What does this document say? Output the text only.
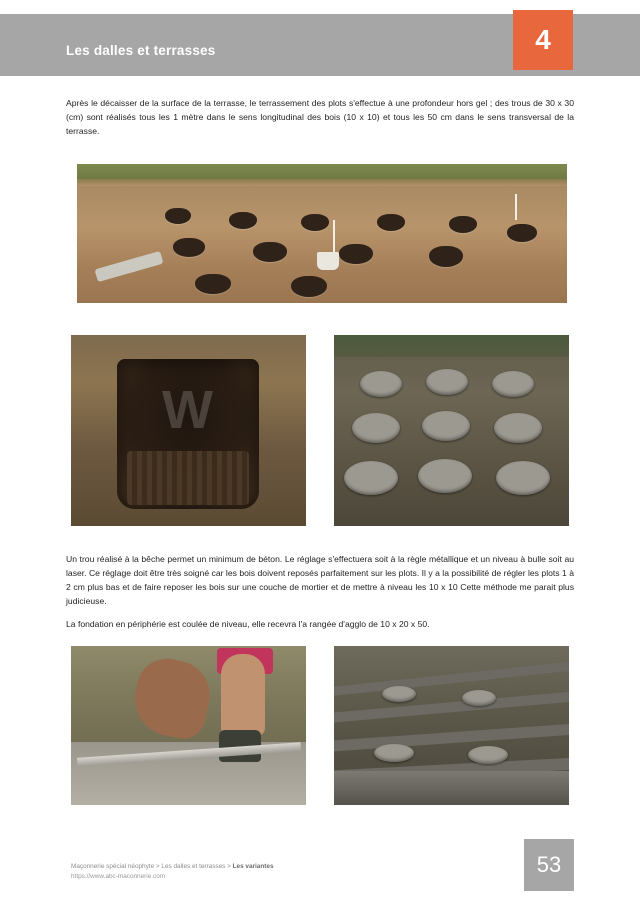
Les dalles et terrasses	4
Après le décaisser de la surface de la terrasse, le terrassement des plots s'effectue à une profondeur hors gel ; des trous de 30 x 30 (cm) sont réalisés tous les 1 mètre dans le sens longitudinal des bois (10 x 10) et tous les 50 cm dans le sens transversal de la terrasse.
W
Un trou réalisé à la bêche permet un minimum de béton. Le réglage s'effectuera soit à la règle métallique et un niveau à bulle soit au laser. Ce réglage doit être très soigné car les bois doivent reposés parfaitement sur les plots. Il y a la possibilité de régler les plots 1 à 2 cm plus bas et de faire reposer les bois sur une couche de mortier et de mettre à niveau les 10 x 10 Cette méthode me parait plus judicieuse.
La fondation en périphérie est coulée de niveau, elle recevra l'a rangée d'agglo de 10 x 20 x 50.
Maçonnerie spécial néophyte > Les dalles et terrasses > Les variantes
https://www.abc-maconnerie.com	53
